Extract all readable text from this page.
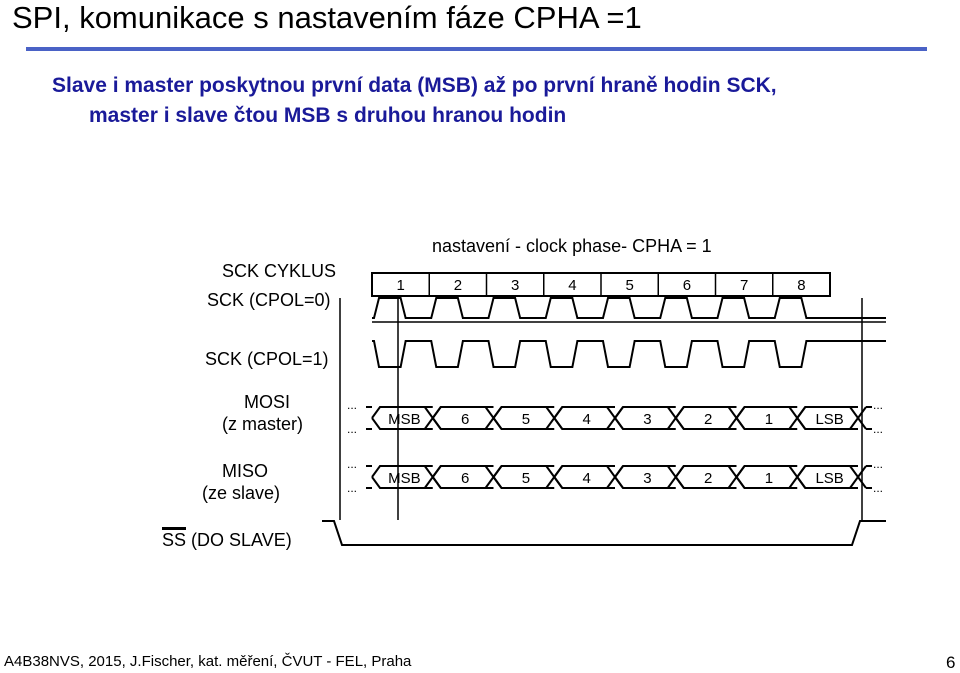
SPI, komunikace s nastavením fáze CPHA =1
Slave i master poskytnou první data (MSB) až po první hraně hodin SCK,
master i slave čtou MSB s druhou hranou hodin
nastavení - clock phase- CPHA = 1
SCK CYKLUS
SCK (CPOL=0)
SCK (CPOL=1)
MOSI
(z master)
MISO
(ze slave)
SS (DO SLAVE)
1	2	3	4	5	6	7	8
...
...
MSB	6	5	4	3	2	1	LSB
...
...
...
...
MSB	6	5	4	3	2	1	LSB
...
...
A4B38NVS, 2015, J.Fischer, kat. měření, ČVUT - FEL, Praha	6
